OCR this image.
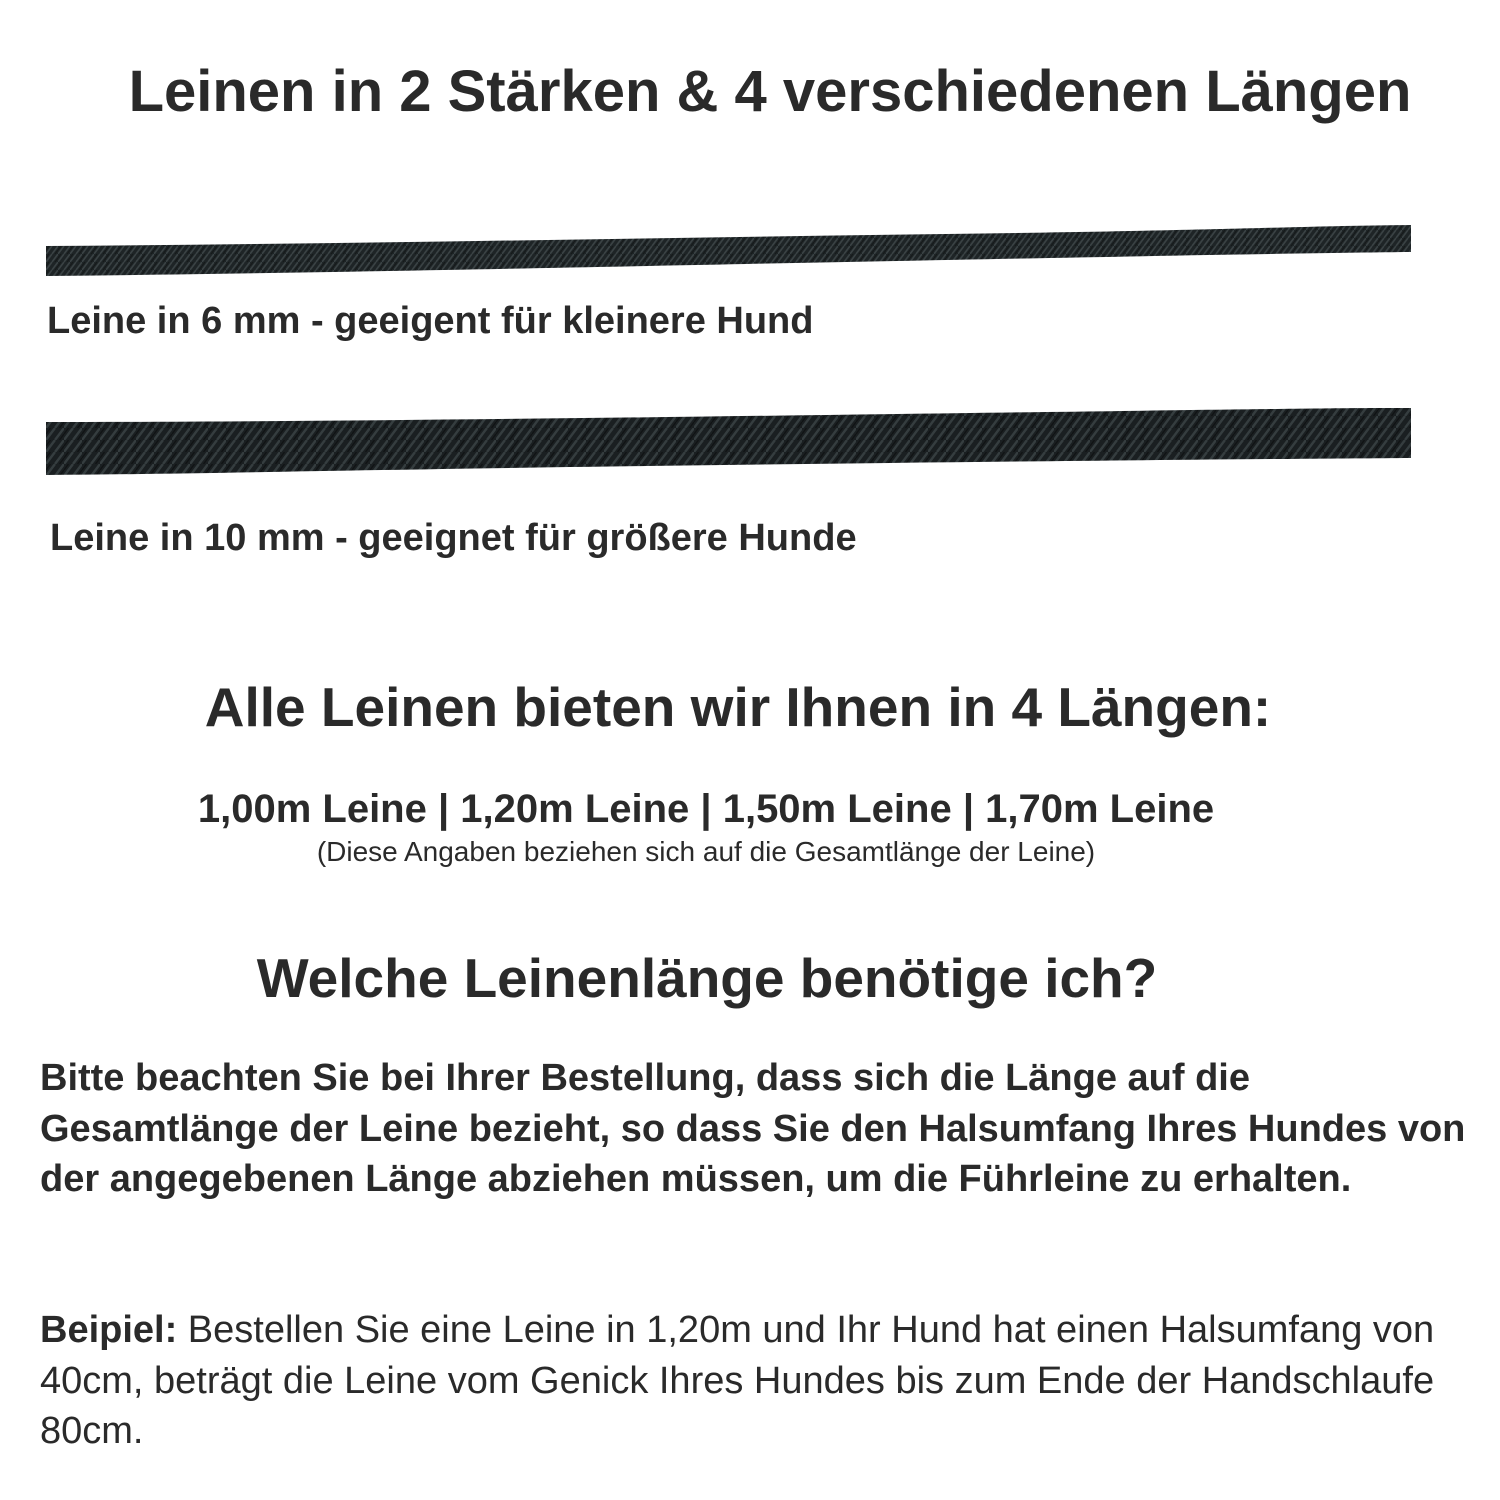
Leinen in 2 Stärken & 4 verschiedenen Längen

Leine in 6 mm - geeigent für kleinere Hund

Leine in 10 mm - geeignet für größere Hunde

Alle Leinen bieten wir Ihnen in 4 Längen:
1,00m Leine | 1,20m Leine | 1,50m Leine | 1,70m Leine
(Diese Angaben beziehen sich auf die Gesamtlänge der Leine)
Welche Leinenlänge benötige ich?

Bitte beachten Sie bei Ihrer Bestellung, dass sich die Länge auf die Gesamtlänge der Leine bezieht, so dass Sie den Halsumfang Ihres Hundes von der angegebenen Länge abziehen müssen, um die Führleine zu erhalten.

Beipiel: Bestellen Sie eine Leine in 1,20m und Ihr Hund hat einen Halsumfang von 40cm, beträgt die Leine vom Genick Ihres Hundes bis zum Ende der Handschlaufe 80cm.
